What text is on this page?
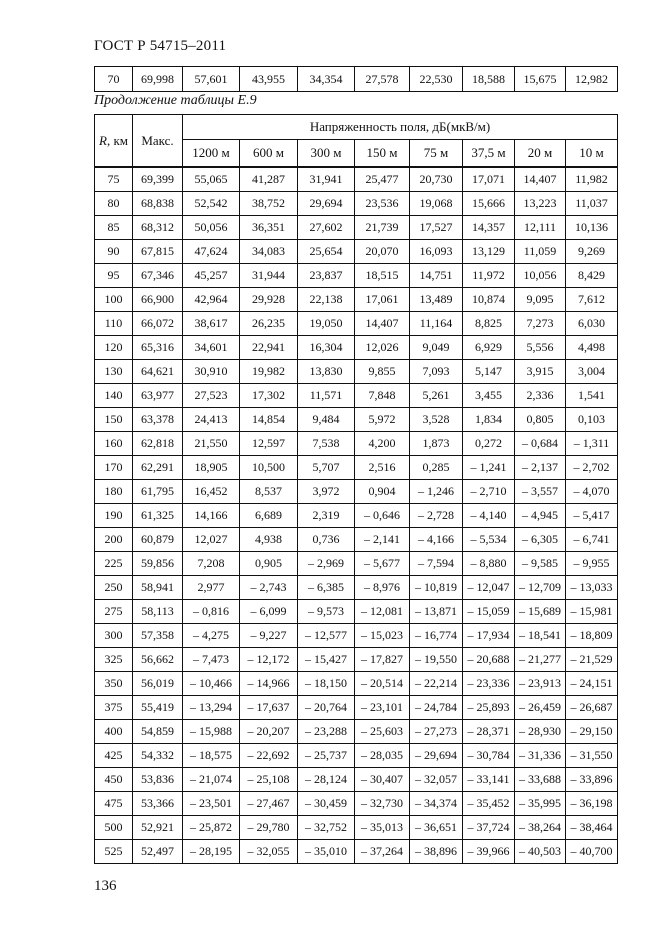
ГОСТ Р 54715–2011
70	69,998	57,601	43,955	34,354	27,578	22,530	18,588	15,675	12,982
Продолжение таблицы Е.9
R, км	Макс.	Напряженность поля, дБ(мкВ/м)							
		1200 м	600 м	300 м	150 м	75 м	37,5 м	20 м	10 м
75	69,399	55,065	41,287	31,941	25,477	20,730	17,071	14,407	11,982
80	68,838	52,542	38,752	29,694	23,536	19,068	15,666	13,223	11,037
85	68,312	50,056	36,351	27,602	21,739	17,527	14,357	12,111	10,136
90	67,815	47,624	34,083	25,654	20,070	16,093	13,129	11,059	9,269
95	67,346	45,257	31,944	23,837	18,515	14,751	11,972	10,056	8,429
100	66,900	42,964	29,928	22,138	17,061	13,489	10,874	9,095	7,612
110	66,072	38,617	26,235	19,050	14,407	11,164	8,825	7,273	6,030
120	65,316	34,601	22,941	16,304	12,026	9,049	6,929	5,556	4,498
130	64,621	30,910	19,982	13,830	9,855	7,093	5,147	3,915	3,004
140	63,977	27,523	17,302	11,571	7,848	5,261	3,455	2,336	1,541
150	63,378	24,413	14,854	9,484	5,972	3,528	1,834	0,805	0,103
160	62,818	21,550	12,597	7,538	4,200	1,873	0,272	– 0,684	– 1,311
170	62,291	18,905	10,500	5,707	2,516	0,285	– 1,241	– 2,137	– 2,702
180	61,795	16,452	8,537	3,972	0,904	– 1,246	– 2,710	– 3,557	– 4,070
190	61,325	14,166	6,689	2,319	– 0,646	– 2,728	– 4,140	– 4,945	– 5,417
200	60,879	12,027	4,938	0,736	– 2,141	– 4,166	– 5,534	– 6,305	– 6,741
225	59,856	7,208	0,905	– 2,969	– 5,677	– 7,594	– 8,880	– 9,585	– 9,955
250	58,941	2,977	– 2,743	– 6,385	– 8,976	– 10,819	– 12,047	– 12,709	– 13,033
275	58,113	– 0,816	– 6,099	– 9,573	– 12,081	– 13,871	– 15,059	– 15,689	– 15,981
300	57,358	– 4,275	– 9,227	– 12,577	– 15,023	– 16,774	– 17,934	– 18,541	– 18,809
325	56,662	– 7,473	– 12,172	– 15,427	– 17,827	– 19,550	– 20,688	– 21,277	– 21,529
350	56,019	– 10,466	– 14,966	– 18,150	– 20,514	– 22,214	– 23,336	– 23,913	– 24,151
375	55,419	– 13,294	– 17,637	– 20,764	– 23,101	– 24,784	– 25,893	– 26,459	– 26,687
400	54,859	– 15,988	– 20,207	– 23,288	– 25,603	– 27,273	– 28,371	– 28,930	– 29,150
425	54,332	– 18,575	– 22,692	– 25,737	– 28,035	– 29,694	– 30,784	– 31,336	– 31,550
450	53,836	– 21,074	– 25,108	– 28,124	– 30,407	– 32,057	– 33,141	– 33,688	– 33,896
475	53,366	– 23,501	– 27,467	– 30,459	– 32,730	– 34,374	– 35,452	– 35,995	– 36,198
500	52,921	– 25,872	– 29,780	– 32,752	– 35,013	– 36,651	– 37,724	– 38,264	– 38,464
525	52,497	– 28,195	– 32,055	– 35,010	– 37,264	– 38,896	– 39,966	– 40,503	– 40,700
136
